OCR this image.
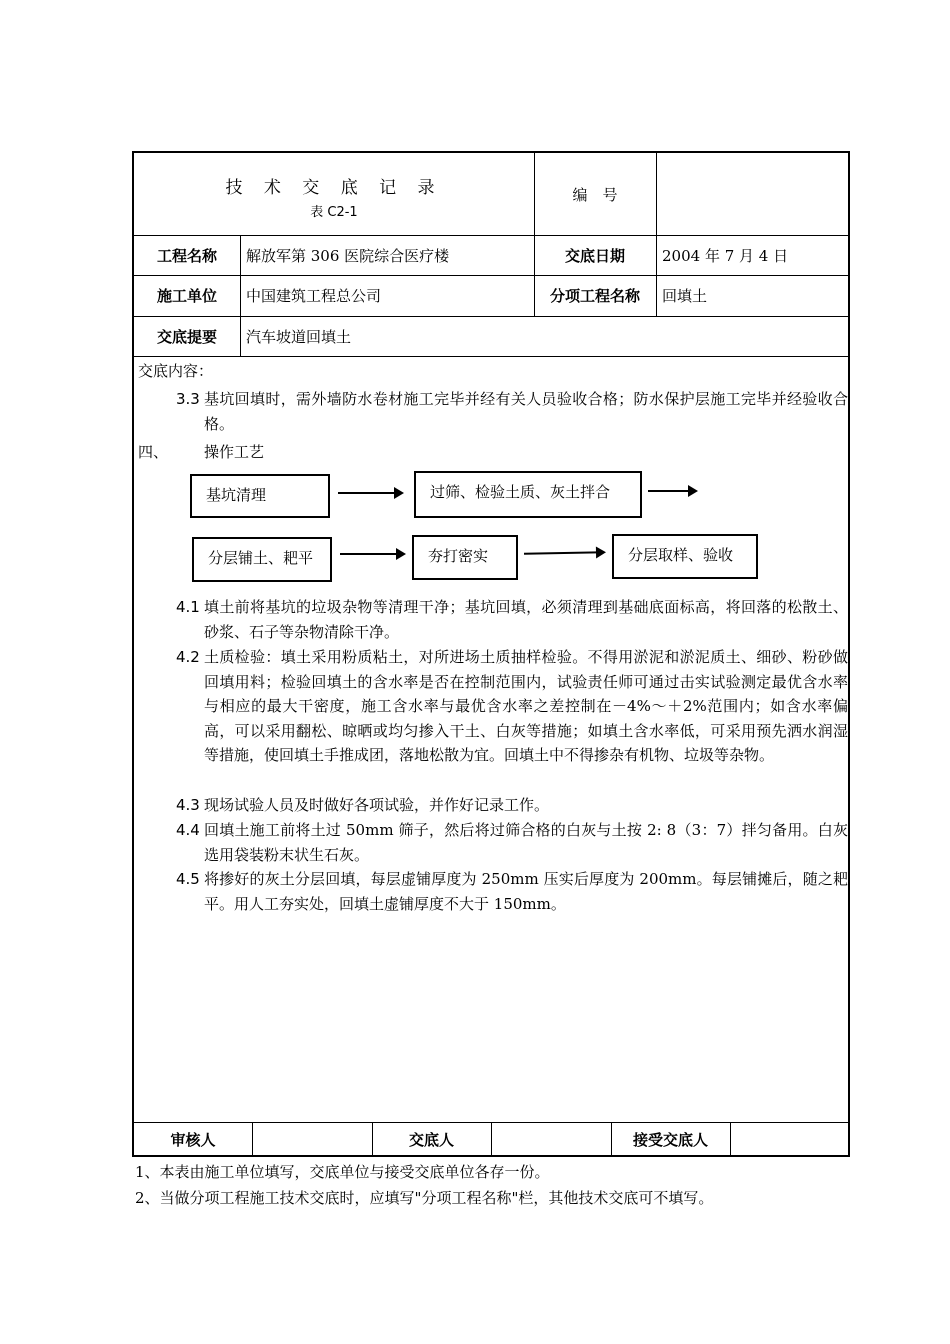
技 术 交 底 记 录
表 C2-1
编　号
工程名称	解放军第 306 医院综合医疗楼	交底日期	2004 年 7 月 4 日
施工单位	中国建筑工程总公司	分项工程名称	回填土
交底提要	汽车坡道回填土
交底内容：
3.3 基坑回填时，需外墙防水卷材施工完毕并经有关人员验收合格；防水保护层施工完毕并经验收合格。
四、 操作工艺
基坑清理	过筛、检验土质、灰土拌合
分层铺土、耙平	夯打密实	分层取样、验收
4.1 填土前将基坑的垃圾杂物等清理干净；基坑回填，必须清理到基础底面标高，将回落的松散土、砂浆、石子等杂物清除干净。
4.2 土质检验：填土采用粉质粘土，对所进场土质抽样检验。不得用淤泥和淤泥质土、细砂、粉砂做回填用料；检验回填土的含水率是否在控制范围内，试验责任师可通过击实试验测定最优含水率与相应的最大干密度，施工含水率与最优含水率之差控制在－4%～＋2%范围内；如含水率偏高，可以采用翻松、晾晒或均匀掺入干土、白灰等措施；如填土含水率低，可采用预先洒水润湿等措施，使回填土手推成团，落地松散为宜。回填土中不得掺杂有机物、垃圾等杂物。
4.3 现场试验人员及时做好各项试验，并作好记录工作。
4.4 回填土施工前将土过 50mm 筛子，然后将过筛合格的白灰与土按 2: 8（3：7）拌匀备用。白灰选用袋装粉末状生石灰。
4.5 将掺好的灰土分层回填，每层虚铺厚度为 250mm 压实后厚度为 200mm。每层铺摊后，随之耙平。用人工夯实处，回填土虚铺厚度不大于 150mm。
审核人	交底人	接受交底人
1、本表由施工单位填写，交底单位与接受交底单位各存一份。
2、当做分项工程施工技术交底时，应填写"分项工程名称"栏，其他技术交底可不填写。
